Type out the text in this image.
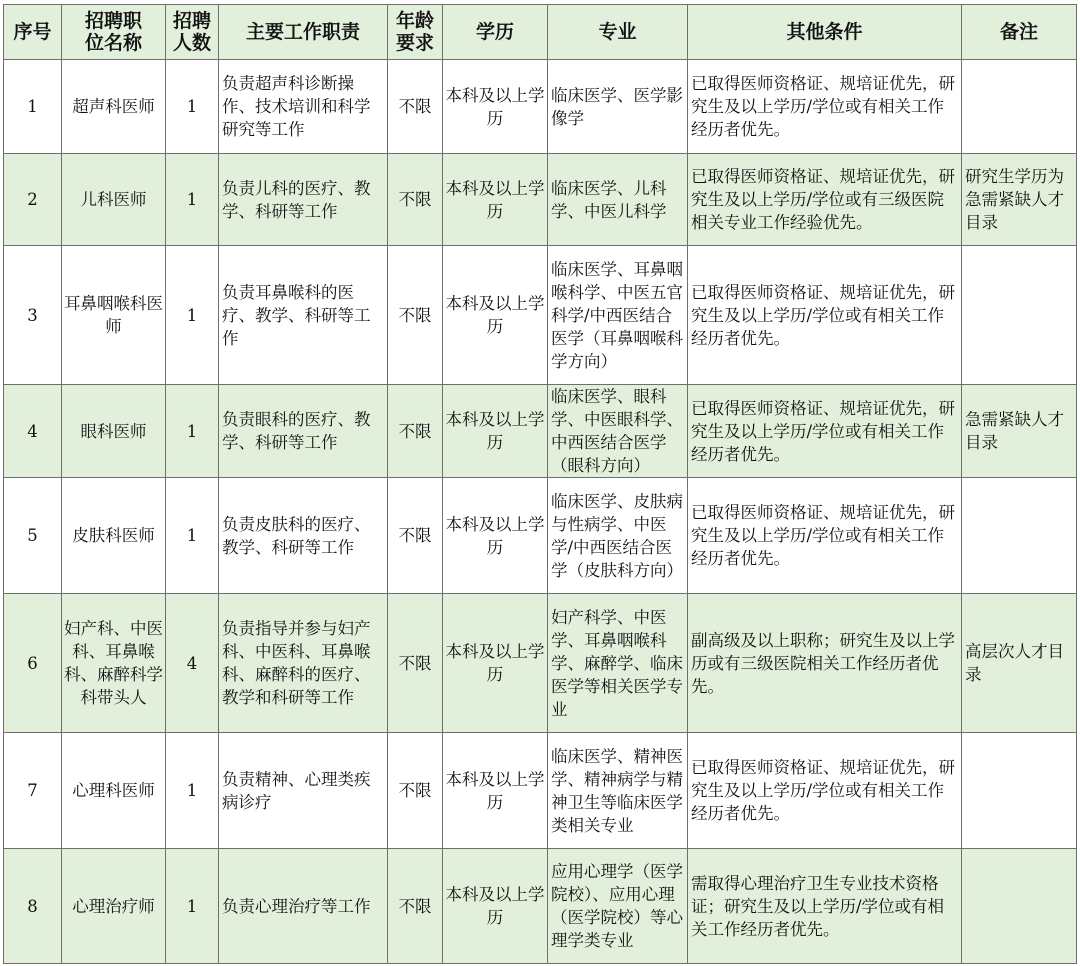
序号	招聘职位名称	招聘人数	主要工作职责	年龄要求	学历	专业	其他条件	备注
1	超声科医师	1	负责超声科诊断操作、技术培训和科学研究等工作	不限	本科及以上学历	临床医学、医学影像学	已取得医师资格证、规培证优先，研究生及以上学历/学位或有相关工作经历者优先。	
2	儿科医师	1	负责儿科的医疗、教学、科研等工作	不限	本科及以上学历	临床医学、儿科学、中医儿科学	已取得医师资格证、规培证优先，研究生及以上学历/学位或有三级医院相关专业工作经验优先。	研究生学历为急需紧缺人才目录
3	耳鼻咽喉科医师	1	负责耳鼻喉科的医疗、教学、科研等工作	不限	本科及以上学历	临床医学、耳鼻咽喉科学、中医五官科学/中西医结合医学（耳鼻咽喉科学方向）	已取得医师资格证、规培证优先，研究生及以上学历/学位或有相关工作经历者优先。	
4	眼科医师	1	负责眼科的医疗、教学、科研等工作	不限	本科及以上学历	临床医学、眼科学、中医眼科学、中西医结合医学（眼科方向）	已取得医师资格证、规培证优先，研究生及以上学历/学位或有相关工作经历者优先。	急需紧缺人才目录
5	皮肤科医师	1	负责皮肤科的医疗、教学、科研等工作	不限	本科及以上学历	临床医学、皮肤病与性病学、中医学/中西医结合医学（皮肤科方向）	已取得医师资格证、规培证优先，研究生及以上学历/学位或有相关工作经历者优先。	
6	妇产科、中医科、耳鼻喉科、麻醉科学科带头人	4	负责指导并参与妇产科、中医科、耳鼻喉科、麻醉科的医疗、教学和科研等工作	不限	本科及以上学历	妇产科学、中医学、耳鼻咽喉科学、麻醉学、临床医学等相关医学专业	副高级及以上职称；研究生及以上学历或有三级医院相关工作经历者优先。	高层次人才目录
7	心理科医师	1	负责精神、心理类疾病诊疗	不限	本科及以上学历	临床医学、精神医学、精神病学与精神卫生等临床医学类相关专业	已取得医师资格证、规培证优先，研究生及以上学历/学位或有相关工作经历者优先。	
8	心理治疗师	1	负责心理治疗等工作	不限	本科及以上学历	应用心理学（医学院校）、应用心理（医学院校）等心理学类专业	需取得心理治疗卫生专业技术资格证；研究生及以上学历/学位或有相关工作经历者优先。	
